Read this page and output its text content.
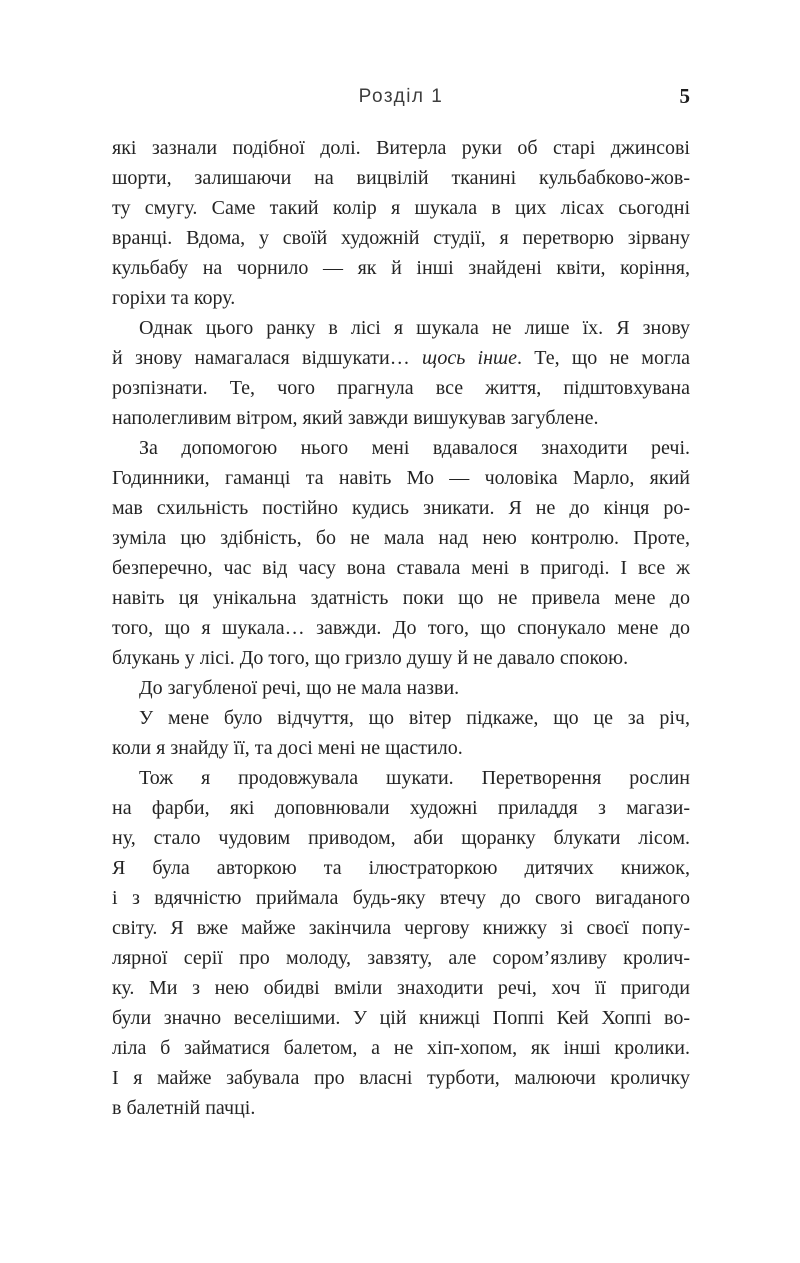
Розділ 1	5
які зазнали подібної долі. Витерла руки об старі джинсові
шорти, залишаючи на вицвілій тканині кульбабково-жов-
ту смугу. Саме такий колір я шукала в цих лісах сьогодні
вранці. Вдома, у своїй художній студії, я перетворю зірвану
кульбабу на чорнило — як й інші знайдені квіти, коріння,
горіхи та кору.
Однак цього ранку в лісі я шукала не лише їх. Я знову
й знову намагалася відшукати… щось інше. Те, що не могла
розпізнати. Те, чого прагнула все життя, підштовхувана
наполегливим вітром, який завжди вишукував загублене.
За допомогою нього мені вдавалося знаходити речі.
Годинники, гаманці та навіть Мо — чоловіка Марло, який
мав схильність постійно кудись зникати. Я не до кінця ро-
зуміла цю здібність, бо не мала над нею контролю. Проте,
безперечно, час від часу вона ставала мені в пригоді. І все ж
навіть ця унікальна здатність поки що не привела мене до
того, що я шукала… завжди. До того, що спонукало мене до
блукань у лісі. До того, що гризло душу й не давало спокою.
До загубленої речі, що не мала назви.
У мене було відчуття, що вітер підкаже, що це за річ,
коли я знайду її, та досі мені не щастило.
Тож я продовжувала шукати. Перетворення рослин
на фарби, які доповнювали художні приладдя з магази-
ну, стало чудовим приводом, аби щоранку блукати лісом.
Я була авторкою та ілюстраторкою дитячих книжок,
і з вдячністю приймала будь-яку втечу до свого вигаданого
світу. Я вже майже закінчила чергову книжку зі своєї попу-
лярної серії про молоду, завзяту, але сором’язливу кролич-
ку. Ми з нею обидві вміли знаходити речі, хоч її пригоди
були значно веселішими. У цій книжці Поппі Кей Хоппі во-
ліла б займатися балетом, а не хіп-хопом, як інші кролики.
І я майже забувала про власні турботи, малюючи кроличку
в балетній пачці.
